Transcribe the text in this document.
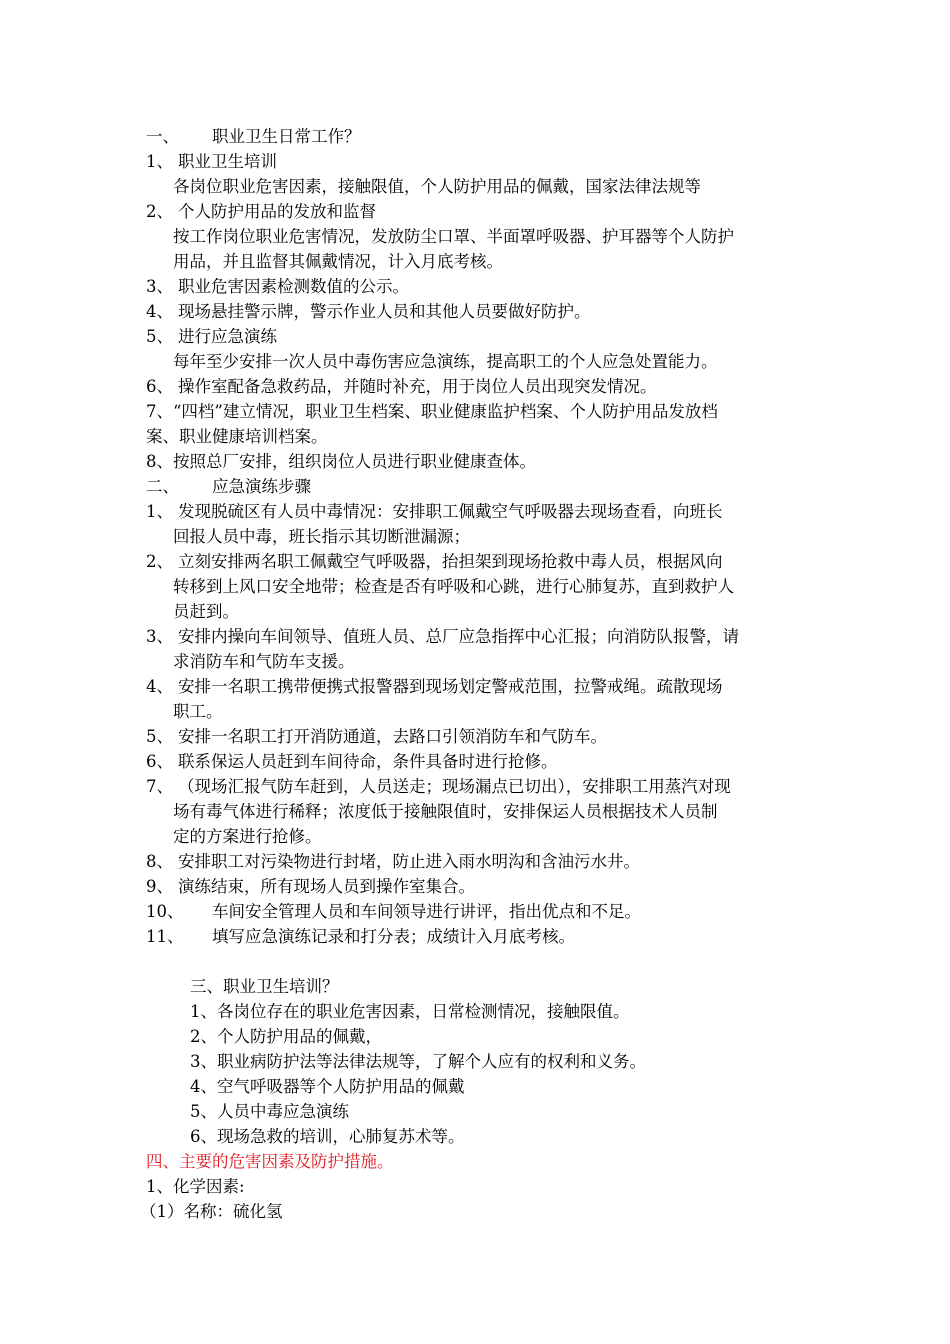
一、 职业卫生日常工作？
1、 职业卫生培训
各岗位职业危害因素，接触限值，个人防护用品的佩戴，国家法律法规等
2、 个人防护用品的发放和监督
按工作岗位职业危害情况，发放防尘口罩、半面罩呼吸器、护耳器等个人防护
用品，并且监督其佩戴情况，计入月底考核。
3、 职业危害因素检测数值的公示。
4、 现场悬挂警示牌，警示作业人员和其他人员要做好防护。
5、 进行应急演练
每年至少安排一次人员中毒伤害应急演练，提高职工的个人应急处置能力。
6、 操作室配备急救药品，并随时补充，用于岗位人员出现突发情况。
7、“四档”建立情况，职业卫生档案、职业健康监护档案、个人防护用品发放档
案、职业健康培训档案。
8、按照总厂安排，组织岗位人员进行职业健康查体。
二、 应急演练步骤
1、 发现脱硫区有人员中毒情况：安排职工佩戴空气呼吸器去现场查看，向班长
回报人员中毒，班长指示其切断泄漏源；
2、 立刻安排两名职工佩戴空气呼吸器，抬担架到现场抢救中毒人员，根据风向
转移到上风口安全地带；检查是否有呼吸和心跳，进行心肺复苏，直到救护人
员赶到。
3、 安排内操向车间领导、值班人员、总厂应急指挥中心汇报；向消防队报警，请
求消防车和气防车支援。
4、 安排一名职工携带便携式报警器到现场划定警戒范围，拉警戒绳。疏散现场
职工。
5、 安排一名职工打开消防通道，去路口引领消防车和气防车。
6、 联系保运人员赶到车间待命，条件具备时进行抢修。
7、 （现场汇报气防车赶到，人员送走；现场漏点已切出），安排职工用蒸汽对现
场有毒气体进行稀释；浓度低于接触限值时，安排保运人员根据技术人员制
定的方案进行抢修。
8、 安排职工对污染物进行封堵，防止进入雨水明沟和含油污水井。
9、 演练结束，所有现场人员到操作室集合。
10、 车间安全管理人员和车间领导进行讲评，指出优点和不足。
11、 填写应急演练记录和打分表；成绩计入月底考核。
三、职业卫生培训？
1、各岗位存在的职业危害因素，日常检测情况，接触限值。
2、个人防护用品的佩戴，
3、职业病防护法等法律法规等，了解个人应有的权利和义务。
4、空气呼吸器等个人防护用品的佩戴
5、人员中毒应急演练
6、现场急救的培训，心肺复苏术等。
四、主要的危害因素及防护措施。
1、化学因素:
（1）名称：硫化氢
